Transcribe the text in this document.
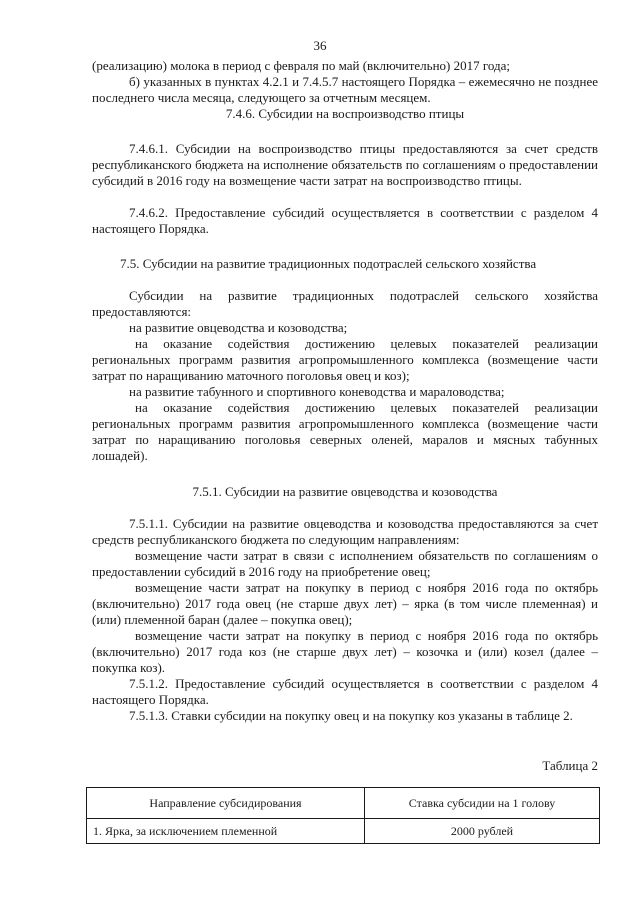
36

(реализацию) молока в период с февраля по май (включительно) 2017 года;

б) указанных в пунктах 4.2.1 и 7.4.5.7 настоящего Порядка – ежемесячно не позднее последнего числа месяца, следующего за отчетным месяцем.

7.4.6. Субсидии на воспроизводство птицы

7.4.6.1. Субсидии на воспроизводство птицы предоставляются за счет средств республиканского бюджета на исполнение обязательств по соглашениям о предоставлении субсидий в 2016 году на возмещение части затрат на воспроизводство птицы.

7.4.6.2. Предоставление субсидий осуществляется в соответствии с разделом 4 настоящего Порядка.

7.5. Субсидии на развитие традиционных подотраслей сельского хозяйства

Субсидии на развитие традиционных подотраслей сельского хозяйства предоставляются:

на развитие овцеводства и козоводства;

на оказание содействия достижению целевых показателей реализации региональных программ развития агропромышленного комплекса (возмещение части затрат по наращиванию маточного поголовья овец и коз);

на развитие табунного и спортивного коневодства и мараловодства;

на оказание содействия достижению целевых показателей реализации региональных программ развития агропромышленного комплекса (возмещение части затрат по наращиванию поголовья северных оленей, маралов и мясных табунных лошадей).

7.5.1. Субсидии на развитие овцеводства и козоводства

7.5.1.1. Субсидии на развитие овцеводства и козоводства предоставляются за счет средств республиканского бюджета по следующим направлениям:

возмещение части затрат в связи с исполнением обязательств по соглашениям о предоставлении субсидий в 2016 году на приобретение овец;

возмещение части затрат на покупку в период с ноября 2016 года по октябрь (включительно) 2017 года овец (не старше двух лет) – ярка (в том числе племенная) и (или) племенной баран (далее – покупка овец);

возмещение части затрат на покупку в период с ноября 2016 года по октябрь (включительно) 2017 года коз (не старше двух лет) – козочка и (или) козел (далее – покупка коз).

7.5.1.2. Предоставление субсидий осуществляется в соответствии с разделом 4 настоящего Порядка.

7.5.1.3. Ставки субсидии на покупку овец и на покупку коз указаны в таблице 2.

Таблица 2

Направление субсидирования	Ставка субсидии на 1 голову
1. Ярка, за исключением племенной	2000 рублей
